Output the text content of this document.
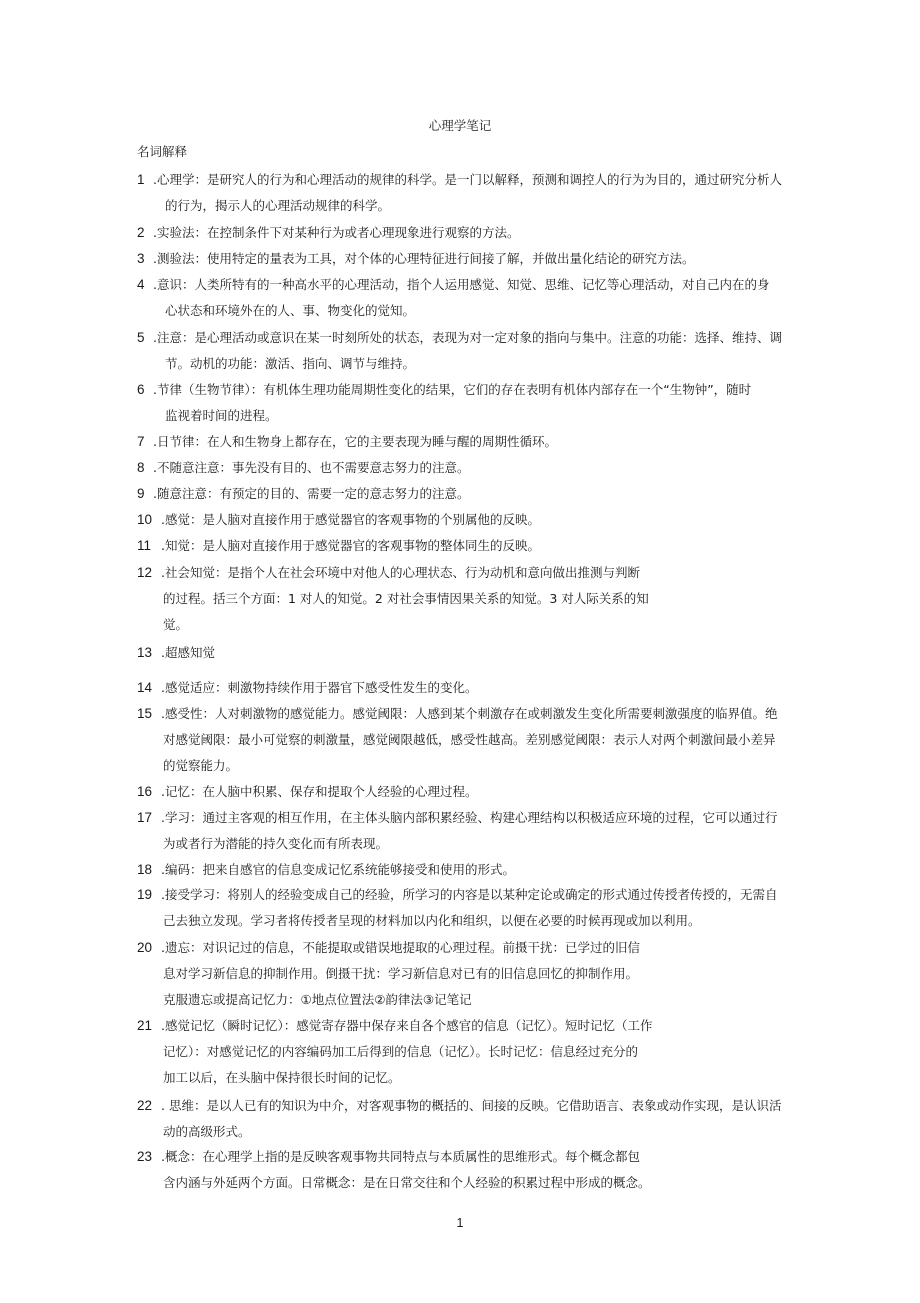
心理学笔记
名词解释
1 .心理学：是研究人的行为和心理活动的规律的科学。是一门以解释，预测和调控人的行为为目的，通过研究分析人
的行为，揭示人的心理活动规律的科学。
2 .实验法：在控制条件下对某种行为或者心理现象进行观察的方法。
3 .测验法：使用特定的量表为工具，对个体的心理特征进行间接了解，并做出量化结论的研究方法。
4 .意识：人类所特有的一种高水平的心理活动，指个人运用感觉、知觉、思维、记忆等心理活动，对自己内在的身
心状态和环境外在的人、事、物变化的觉知。
5 .注意：是心理活动或意识在某一时刻所处的状态，表现为对一定对象的指向与集中。注意的功能：选择、维持、调
节。动机的功能：激活、指向、调节与维持。
6 .节律（生物节律）：有机体生理功能周期性变化的结果，它们的存在表明有机体内部存在一个“生物钟”，随时
监视着时间的进程。
7 .日节律：在人和生物身上都存在，它的主要表现为睡与醒的周期性循环。
8 .不随意注意：事先没有目的、也不需要意志努力的注意。
9 .随意注意：有预定的目的、需要一定的意志努力的注意。
10 .感觉：是人脑对直接作用于感觉器官的客观事物的个别属他的反映。
11 .知觉：是人脑对直接作用于感觉器官的客观事物的整体同生的反映。
12 .社会知觉：是指个人在社会环境中对他人的心理状态、行为动机和意向做出推测与判断
的过程。括三个方面：1 对人的知觉。2 对社会事情因果关系的知觉。3 对人际关系的知
觉。
13 .超感知觉
14 .感觉适应：刺激物持续作用于器官下感受性发生的变化。
15 .感受性：人对刺激物的感觉能力。感觉阈限：人感到某个刺激存在或刺激发生变化所需要刺激强度的临界值。绝
对感觉阈限：最小可觉察的刺激量，感觉阈限越低，感受性越高。差别感觉阈限：表示人对两个刺激间最小差异
的觉察能力。
16 .记忆：在人脑中积累、保存和提取个人经验的心理过程。
17 .学习：通过主客观的相互作用，在主体头脑内部积累经验、构建心理结构以积极适应环境的过程，它可以通过行
为或者行为潜能的持久变化而有所表现。
18 .编码：把来自感官的信息变成记忆系统能够接受和使用的形式。
19 .接受学习：将别人的经验变成自己的经验，所学习的内容是以某种定论或确定的形式通过传授者传授的，无需自
己去独立发现。学习者将传授者呈现的材料加以内化和组织，以便在必要的时候再现或加以利用。
20 .遗忘：对识记过的信息，不能提取或错误地提取的心理过程。前摄干扰：已学过的旧信
息对学习新信息的抑制作用。倒摄干扰：学习新信息对已有的旧信息回忆的抑制作用。
克服遗忘或提高记忆力：①地点位置法②韵律法③记笔记
21 .感觉记忆（瞬时记忆）：感觉寄存器中保存来自各个感官的信息（记忆）。短时记忆（工作
记忆）：对感觉记忆的内容编码加工后得到的信息（记忆）。长时记忆：信息经过充分的
加工以后，在头脑中保持很长时间的记忆。
22 . 思维：是以人已有的知识为中介，对客观事物的概括的、间接的反映。它借助语言、表象或动作实现，是认识活
动的高级形式。
23 .概念：在心理学上指的是反映客观事物共同特点与本质属性的思维形式。每个概念都包
含内涵与外延两个方面。日常概念：是在日常交往和个人经验的积累过程中形成的概念。
1
